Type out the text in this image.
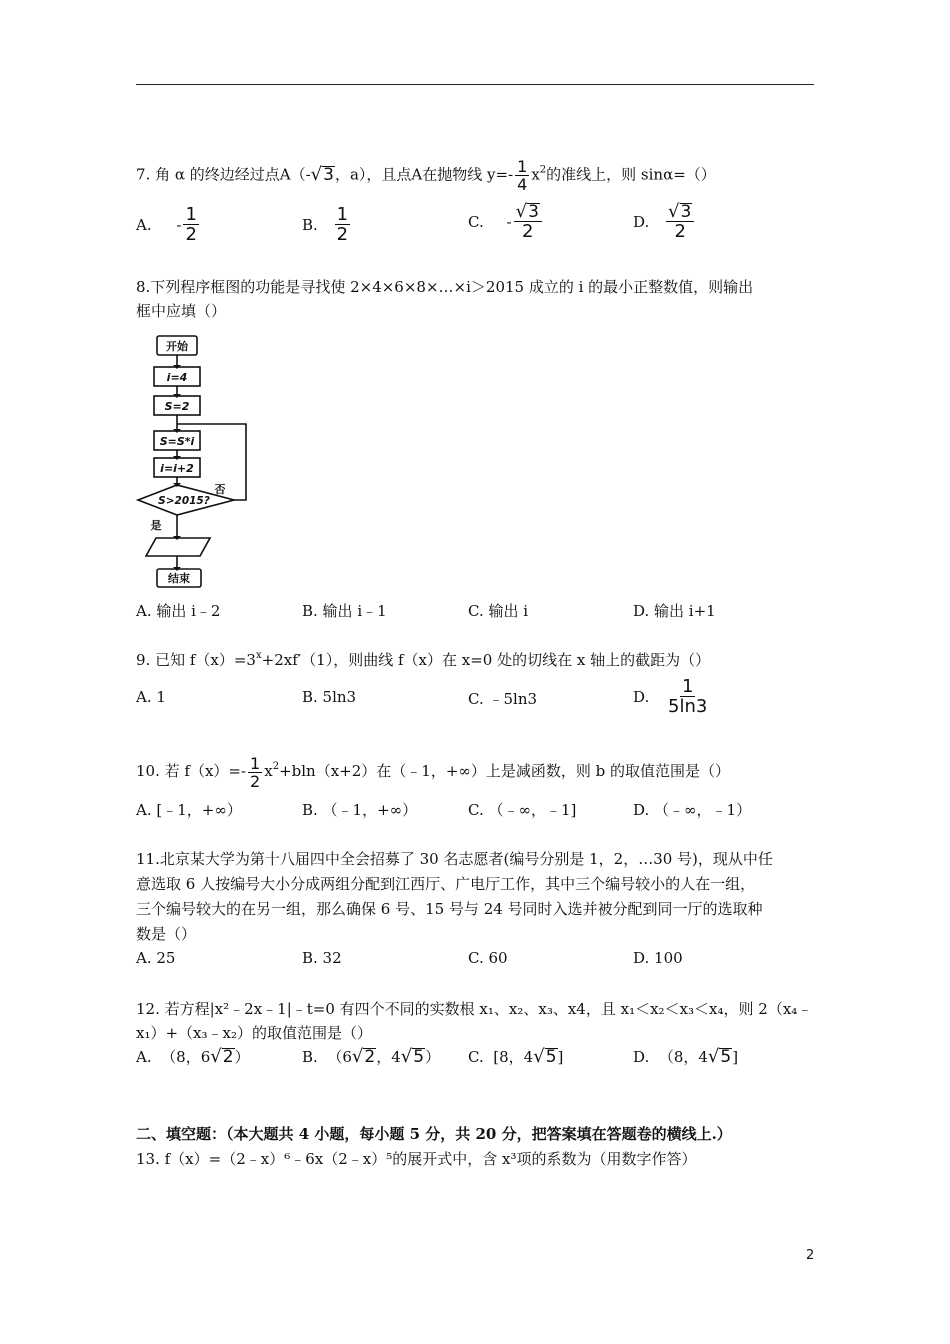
7. 角 α 的终边经过点A（- √ 3 ，a），且点A在抛物线 $y=- \frac{1}{4} x^2$的准线上，则 sinα=（）
A. - $\frac{1}{2}$	B. $\frac{1}{2}$	C. - $\frac{√ 3}{2}$	D. $\frac{√ 3}{2}$
8.下列程序框图的功能是寻找使 2×4×6×8×…×i＞2015 成立的 i 的最小正整数值，则输出
框中应填（）
开始
i=4
S=2
S=S*i
i=i+2
S>2015?
否
是
结束
A. 输出 i﹣2	B. 输出 i﹣1	C. 输出 i	D. 输出 i+1
9. 已知 $f(x)=3^x+2xf'(1)$，则曲线 f（x）在 x=0 处的切线在 x 轴上的截距为（）
A. 1	B. 5ln3	C. ﹣5ln3	D. $\frac{1}{5\ln 3}$
10. 若 $f(x)=- \frac{1}{2} x^2+bln(x+2)$在（﹣1，+∞）上是减函数，则 b 的取值范围是（）
A. [﹣1，+∞）	B. （﹣1，+∞）	C. （﹣∞，﹣1]	D. （﹣∞，﹣1）
11.北京某大学为第十八届四中全会招募了 30 名志愿者(编号分别是 1，2，…30 号)，现从中任
意选取 6 人按编号大小分成两组分配到江西厅、广电厅工作，其中三个编号较小的人在一组，
三个编号较大的在另一组，那么确保 6 号、15 号与 24 号同时入选并被分配到同一厅的选取种
数是（）
A. 25	B. 32	C. 60	D. 100
12. 若方程|x²﹣2x﹣1|﹣t=0 有四个不同的实数根 x₁、x₂、x₃、x4，且 x₁＜x₂＜x₃＜x₄，则 2（x₄﹣
x₁）+（x₃﹣x₂）的取值范围是（）
A. （8，6 √ 2 ）	B. （6 √ 2 ，4 √ 5 ） C. [8，4 √ 5 ]	D. （8，4 √ 5 ]
二、填空题：（本大题共 4 小题，每小题 5 分，共 20 分，把答案填在答题卷的横线上.）
13. f（x）=（2﹣x）⁶﹣6x（2﹣x）⁵的展开式中，含 x³项的系数为（用数字作答）
2
